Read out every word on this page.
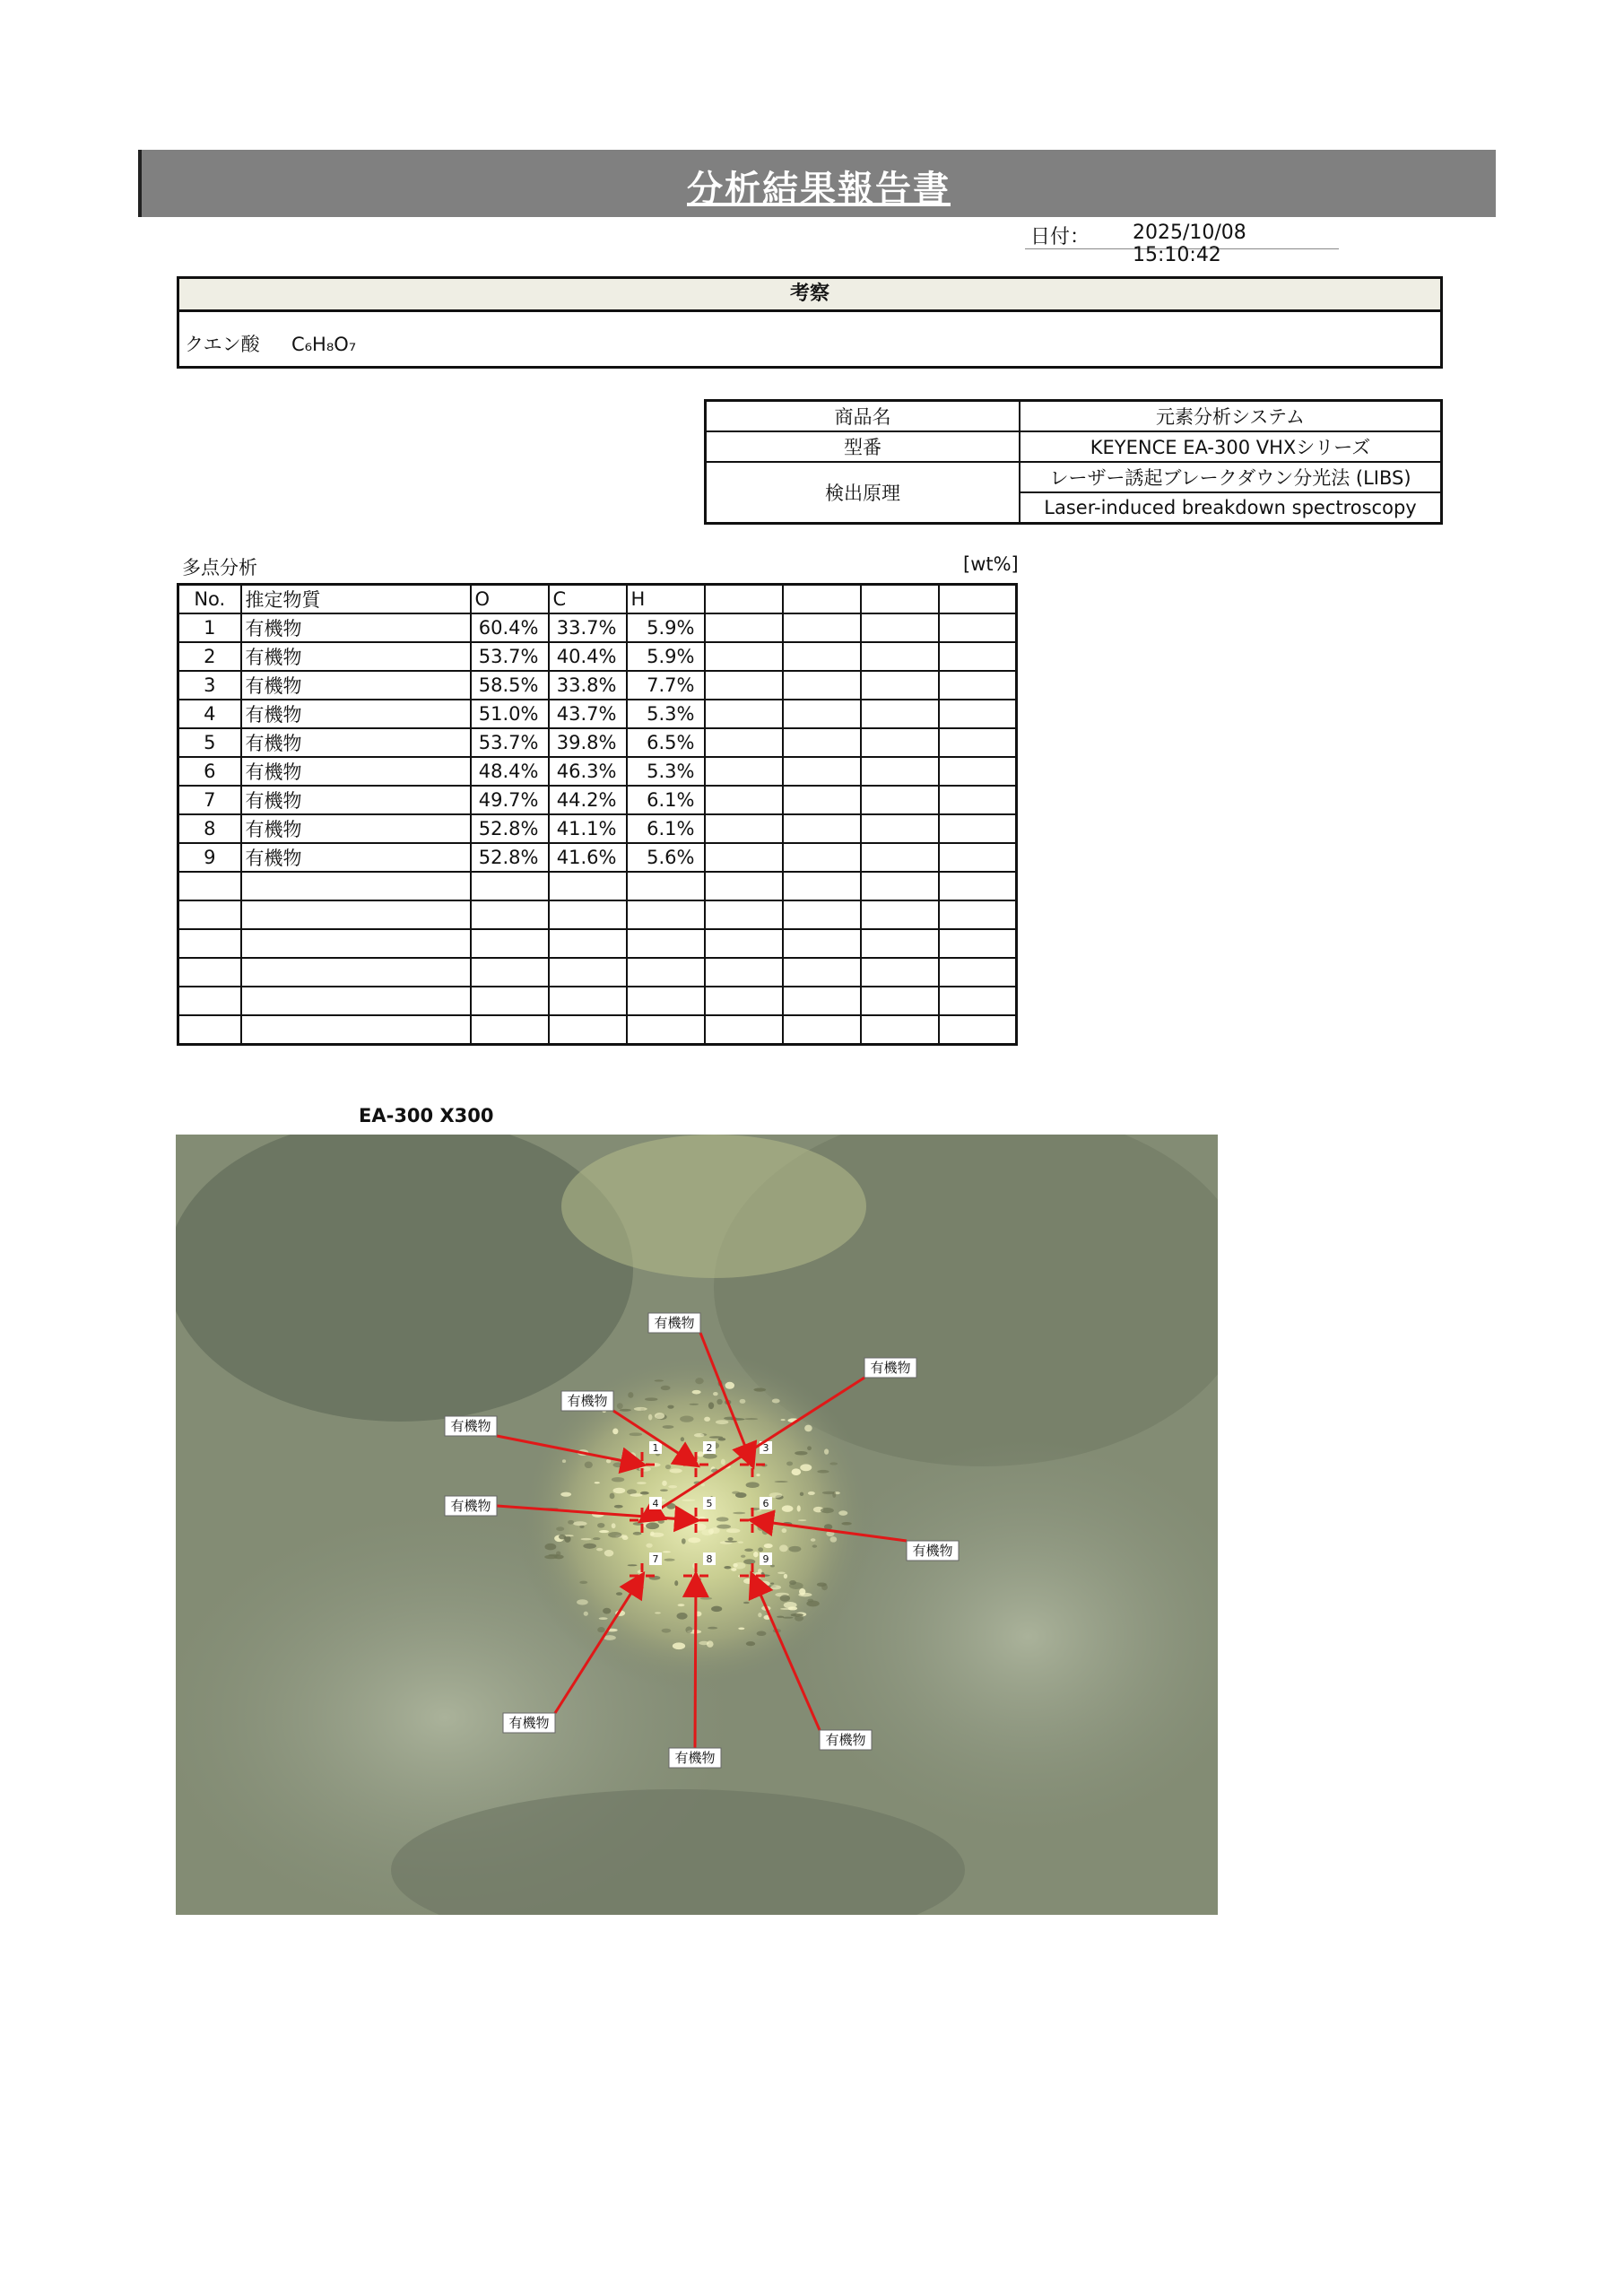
分析結果報告書
日付： 2025/10/08 15:10:42
考察
クエン酸 C₆H₈O₇
商品名	元素分析システム
型番	KEYENCE EA-300 VHXシリーズ
検出原理	レーザー誘起ブレークダウン分光法 (LIBS)
	Laser-induced breakdown spectroscopy
多点分析	[wt%]
No.	推定物質	O	C	H				
1	有機物	60.4%	33.7%	5.9%				
2	有機物	53.7%	40.4%	5.9%				
3	有機物	58.5%	33.8%	7.7%				
4	有機物	51.0%	43.7%	5.3%				
5	有機物	53.7%	39.8%	6.5%				
6	有機物	48.4%	46.3%	5.3%				
7	有機物	49.7%	44.2%	6.1%				
8	有機物	52.8%	41.1%	6.1%				
9	有機物	52.8%	41.6%	5.6%				

EA-300 X300
1
有機物
2
有機物
3
有機物
4
有機物
5
有機物	6
有機物
7
有機物
8
有機物
9
有機物
